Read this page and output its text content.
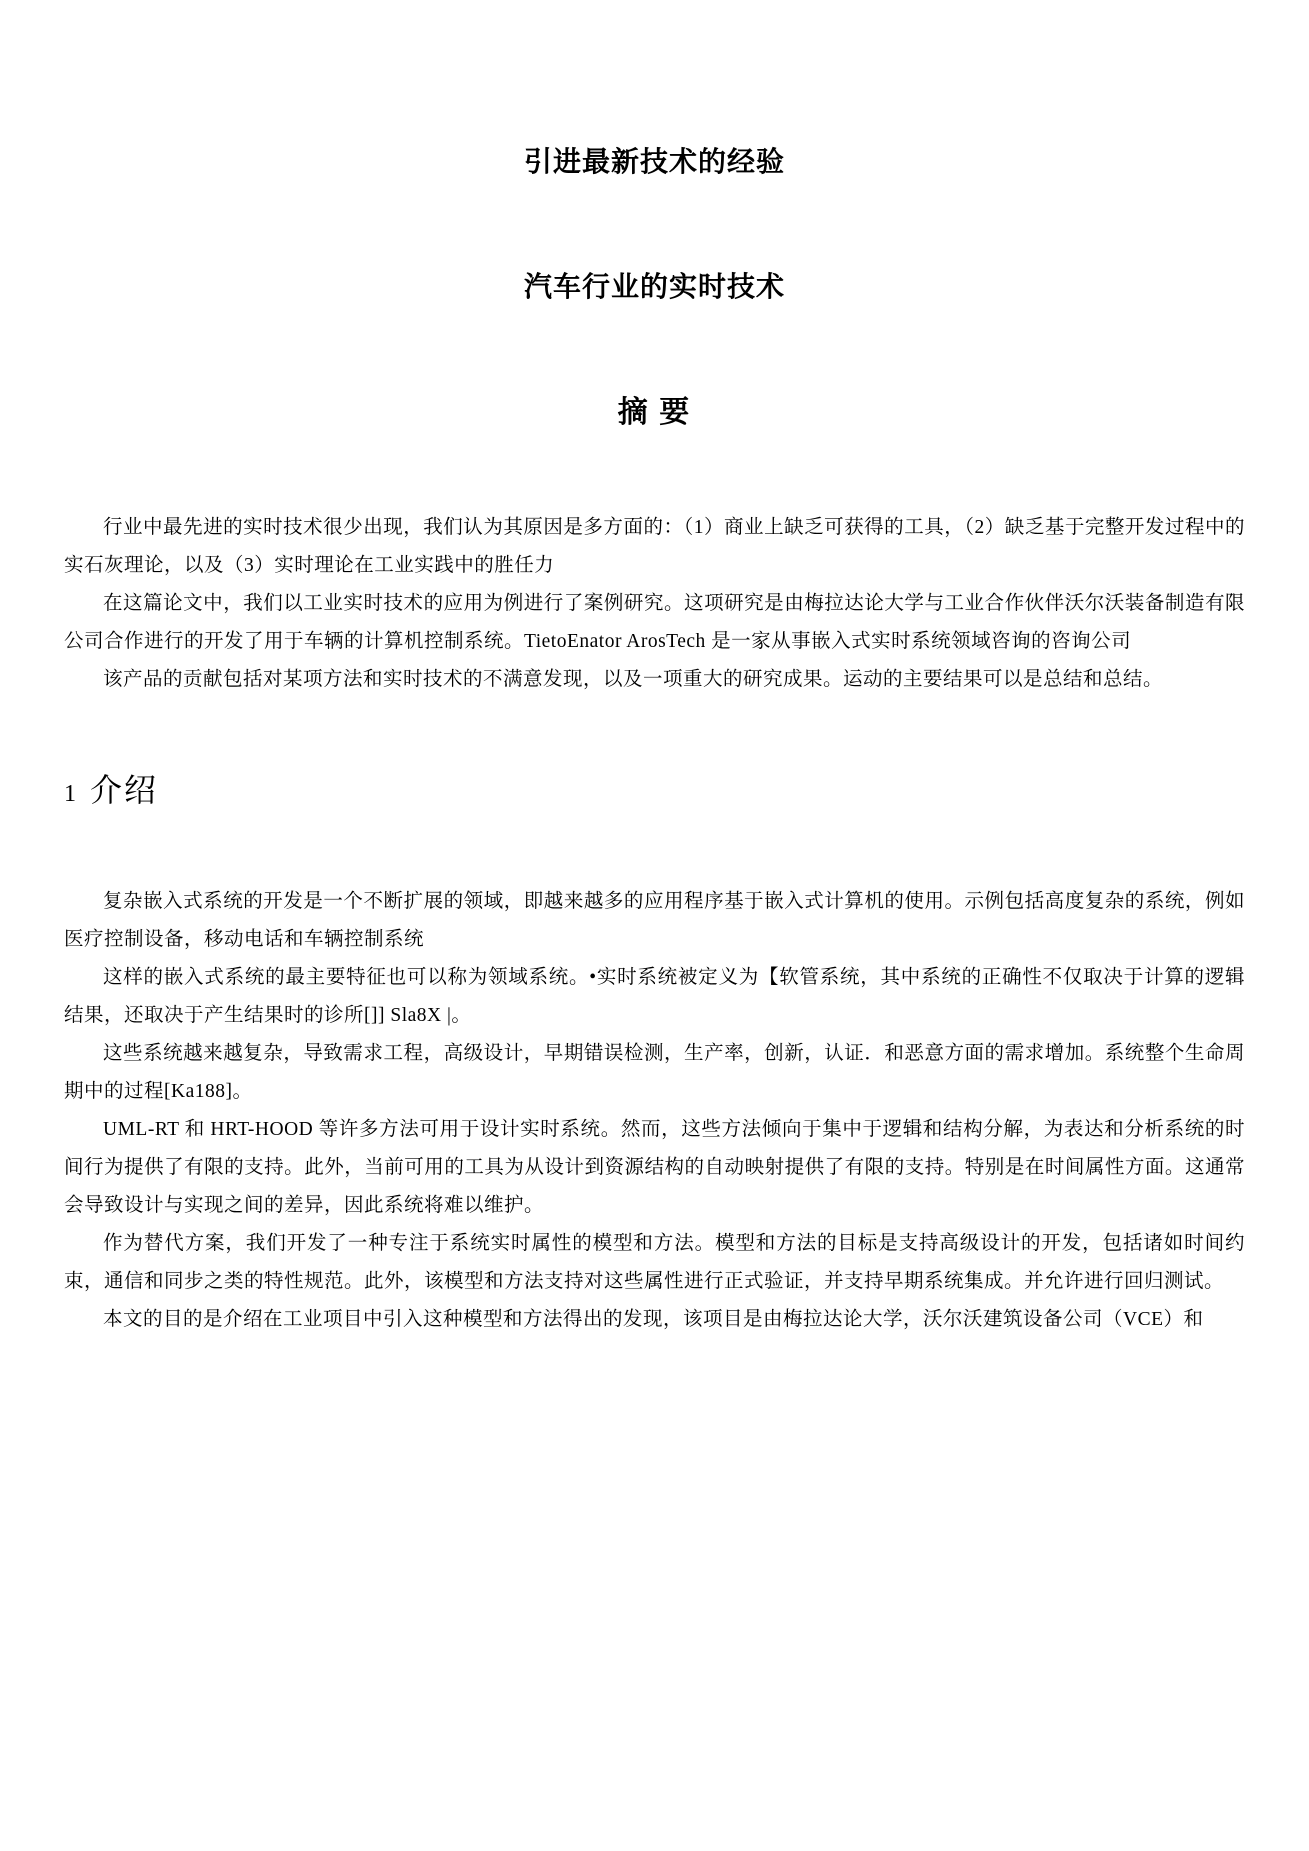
引进最新技术的经验
汽车行业的实时技术
摘 要

行业中最先进的实时技术很少出现，我们认为其原因是多方面的：（1）商业上缺乏可获得的工具，（2）缺乏基于完整开发过程中的实石灰理论，以及（3）实时理论在工业实践中的胜任力

在这篇论文中，我们以工业实时技术的应用为例进行了案例研究。这项研究是由梅拉达论大学与工业合作伙伴沃尔沃装备制造有限公司合作进行的开发了用于车辆的计算机控制系统。TietoEnator ArosTech 是一家从事嵌入式实时系统领域咨询的咨询公司

该产品的贡献包括对某项方法和实时技术的不满意发现，以及一项重大的研究成果。运动的主要结果可以是总结和总结。

1 介绍

复杂嵌入式系统的开发是一个不断扩展的领域，即越来越多的应用程序基于嵌入式计算机的使用。示例包括高度复杂的系统，例如医疗控制设备，移动电话和车辆控制系统

这样的嵌入式系统的最主要特征也可以称为领域系统。•实时系统被定义为【软管系统，其中系统的正确性不仅取决于计算的逻辑结果，还取决于产生结果时的诊所[]] Sla8X |。

这些系统越来越复杂，导致需求工程，高级设计，早期错误检测，生产率，创新，认证．和恶意方面的需求增加。系统整个生命周期中的过程[Ka188]。

UML-RT 和 HRT-HOOD 等许多方法可用于设计实时系统。然而，这些方法倾向于集中于逻辑和结构分解，为表达和分析系统的时间行为提供了有限的支持。此外，当前可用的工具为从设计到资源结构的自动映射提供了有限的支持。特别是在时间属性方面。这通常会导致设计与实现之间的差异，因此系统将难以维护。

作为替代方案，我们开发了一种专注于系统实时属性的模型和方法。模型和方法的目标是支持高级设计的开发，包括诸如时间约束，通信和同步之类的特性规范。此外，该模型和方法支持对这些属性进行正式验证，并支持早期系统集成。并允许进行回归测试。

本文的目的是介绍在工业项目中引入这种模型和方法得出的发现，该项目是由梅拉达论大学，沃尔沃建筑设备公司（VCE）和
